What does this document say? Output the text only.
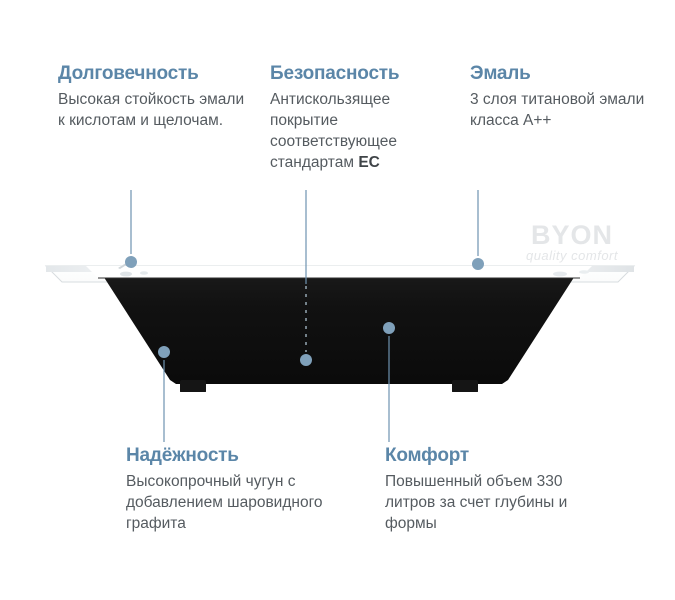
BYON
quality comfort

Долговечность

Высокая стойкость эмали к кислотам и щелочам.

Безопасность

Антискользящее покрытие соответствующее стандартам ЕС

Эмаль

3 слоя титановой эмали класса А++

Надёжность

Высокопрочный чугун с добавлением шаровидного графита

Комфорт

Повышенный объем 330 литров за счет глубины и формы
